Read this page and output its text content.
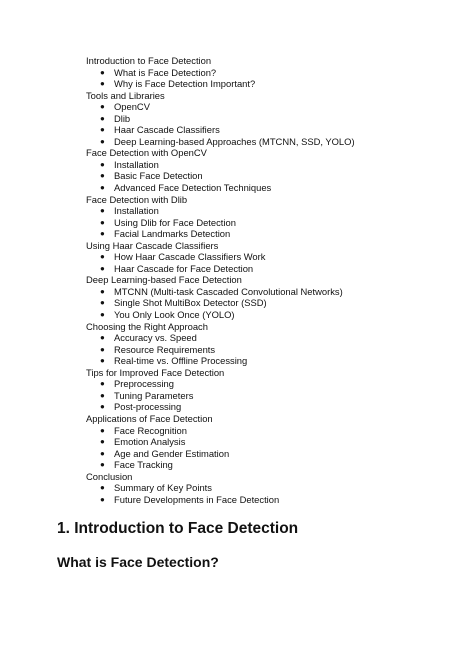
Introduction to Face Detection
● What is Face Detection?
● Why is Face Detection Important?
Tools and Libraries
● OpenCV
● Dlib
● Haar Cascade Classifiers
● Deep Learning-based Approaches (MTCNN, SSD, YOLO)
Face Detection with OpenCV
● Installation
● Basic Face Detection
● Advanced Face Detection Techniques
Face Detection with Dlib
● Installation
● Using Dlib for Face Detection
● Facial Landmarks Detection
Using Haar Cascade Classifiers
● How Haar Cascade Classifiers Work
● Haar Cascade for Face Detection
Deep Learning-based Face Detection
● MTCNN (Multi-task Cascaded Convolutional Networks)
● Single Shot MultiBox Detector (SSD)
● You Only Look Once (YOLO)
Choosing the Right Approach
● Accuracy vs. Speed
● Resource Requirements
● Real-time vs. Offline Processing
Tips for Improved Face Detection
● Preprocessing
● Tuning Parameters
● Post-processing
Applications of Face Detection
● Face Recognition
● Emotion Analysis
● Age and Gender Estimation
● Face Tracking
Conclusion
● Summary of Key Points
● Future Developments in Face Detection
1. Introduction to Face Detection
What is Face Detection?
